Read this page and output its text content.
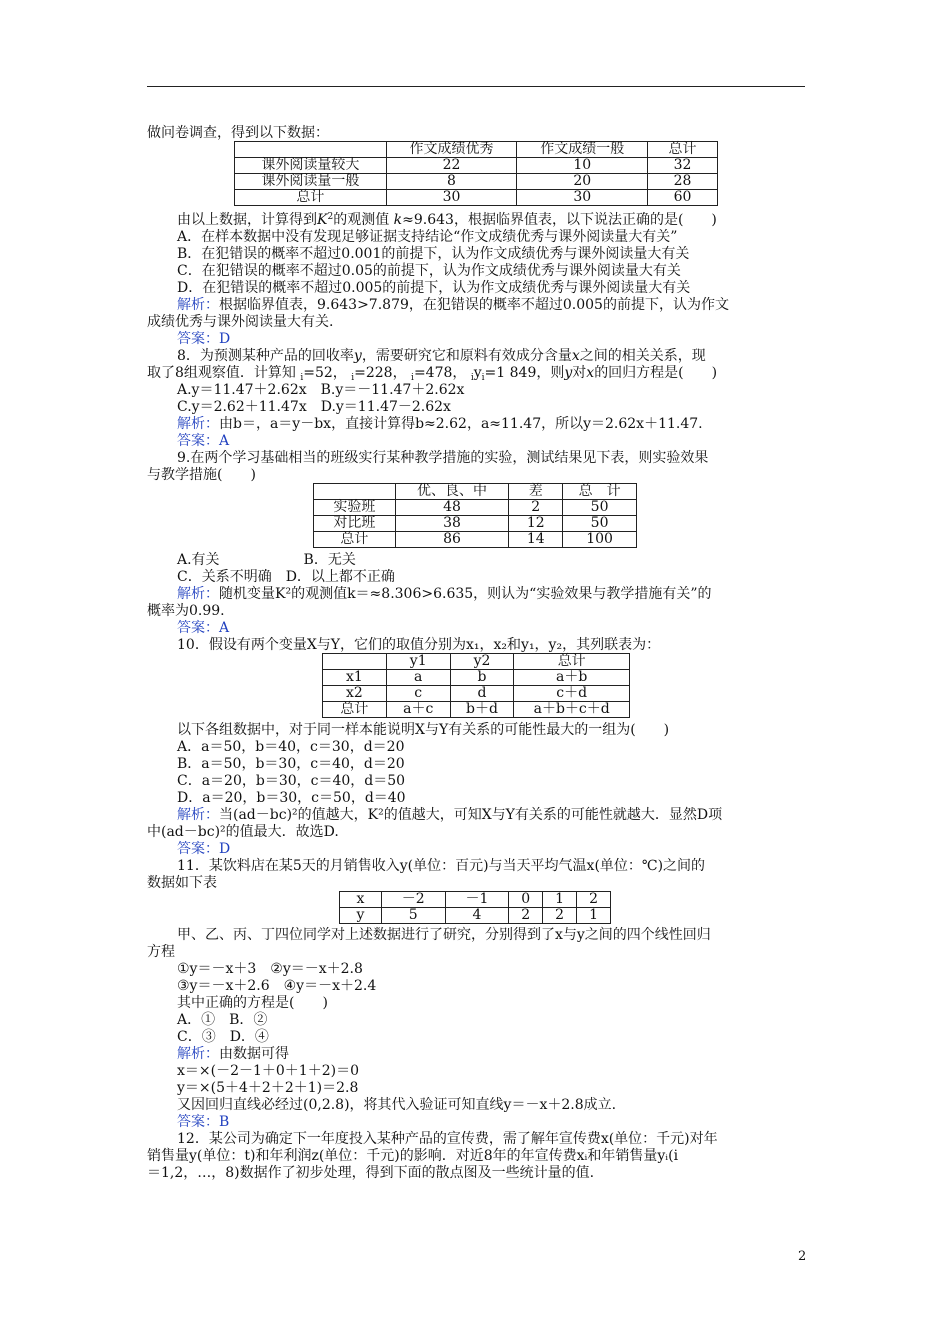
做问卷调查，得到以下数据：
	作文成绩优秀	作文成绩一般	总计
课外阅读量较大	22	10	32
课外阅读量一般	8	20	28
总计	30	30	60
由以上数据，计算得到$K^2$的观测值 k≈9.643，根据临界值表，以下说法正确的是(　　)
A．在样本数据中没有发现足够证据支持结论“作文成绩优秀与课外阅读量大有关”
B．在犯错误的概率不超过0.001的前提下，认为作文成绩优秀与课外阅读量大有关
C．在犯错误的概率不超过0.05的前提下，认为作文成绩优秀与课外阅读量大有关
D．在犯错误的概率不超过0.005的前提下，认为作文成绩优秀与课外阅读量大有关
解析：根据临界值表，9.643>7.879，在犯错误的概率不超过0.005的前提下，认为作文
成绩优秀与课外阅读量大有关.
答案：D
8．为预测某种产品的回收率y，需要研究它和原料有效成分含量x之间的相关关系，现
取了8组观察值．计算知 $_i$=52， $_i$=228， $_i$=478， $_iy_i=1$ 849，则y对x的回归方程是(　　)
A.y＝11.47＋2.62x　B.y＝－11.47＋2.62x
C.y＝2.62＋11.47x　D.y＝11.47－2.62x
解析：由b＝，a＝y－bx，直接计算得b≈2.62，a≈11.47，所以y＝2.62x＋11.47.
答案：A
9.在两个学习基础相当的班级实行某种教学措施的实验，测试结果见下表，则实验效果
与教学措施(　　)
	优、良、中	差	总　计
实验班	48	2	50
对比班	38	12	50
总计	86	14	100
A.有关　　　　　　B．无关
C．关系不明确　D．以上都不正确
解析：随机变量K²的观测值k＝≈8.306>6.635，则认为“实验效果与教学措施有关”的
概率为0.99.
答案：A
10．假设有两个变量X与Y，它们的取值分别为x₁，x₂和y₁，y₂，其列联表为：
	y1	y2	总计
x1	a	b	a＋b
x2	c	d	c＋d
总计	a＋c	b＋d	a＋b＋c＋d
以下各组数据中，对于同一样本能说明X与Y有关系的可能性最大的一组为(　　)
A．a＝50，b＝40，c＝30，d＝20
B．a＝50，b＝30，c＝40，d＝20
C．a＝20，b＝30，c＝40，d＝50
D．a＝20，b＝30，c＝50，d＝40
解析：当(ad－bc)²的值越大，K²的值越大，可知X与Y有关系的可能性就越大．显然D项
中(ad－bc)²的值最大．故选D.
答案：D
11．某饮料店在某5天的月销售收入y(单位：百元)与当天平均气温x(单位：℃)之间的
数据如下表
x	－2	－1	0	1	2
y	5	4	2	2	1
甲、乙、丙、丁四位同学对上述数据进行了研究，分别得到了x与y之间的四个线性回归
方程
①y＝－x＋3　②y＝－x＋2.8
③y＝－x＋2.6　④y＝－x＋2.4
其中正确的方程是(　　)
A．①　B．②
C．③　D．④
解析：由数据可得
x＝×(－2－1＋0＋1＋2)＝0
y＝×(5＋4＋2＋2＋1)＝2.8
又因回归直线必经过(0,2.8)，将其代入验证可知直线y＝－x＋2.8成立.
答案：B
12．某公司为确定下一年度投入某种产品的宣传费，需了解年宣传费x(单位：千元)对年
销售量y(单位：t)和年利润z(单位：千元)的影响．对近8年的年宣传费xᵢ和年销售量yᵢ(i
＝1,2，…，8)数据作了初步处理，得到下面的散点图及一些统计量的值.
2
